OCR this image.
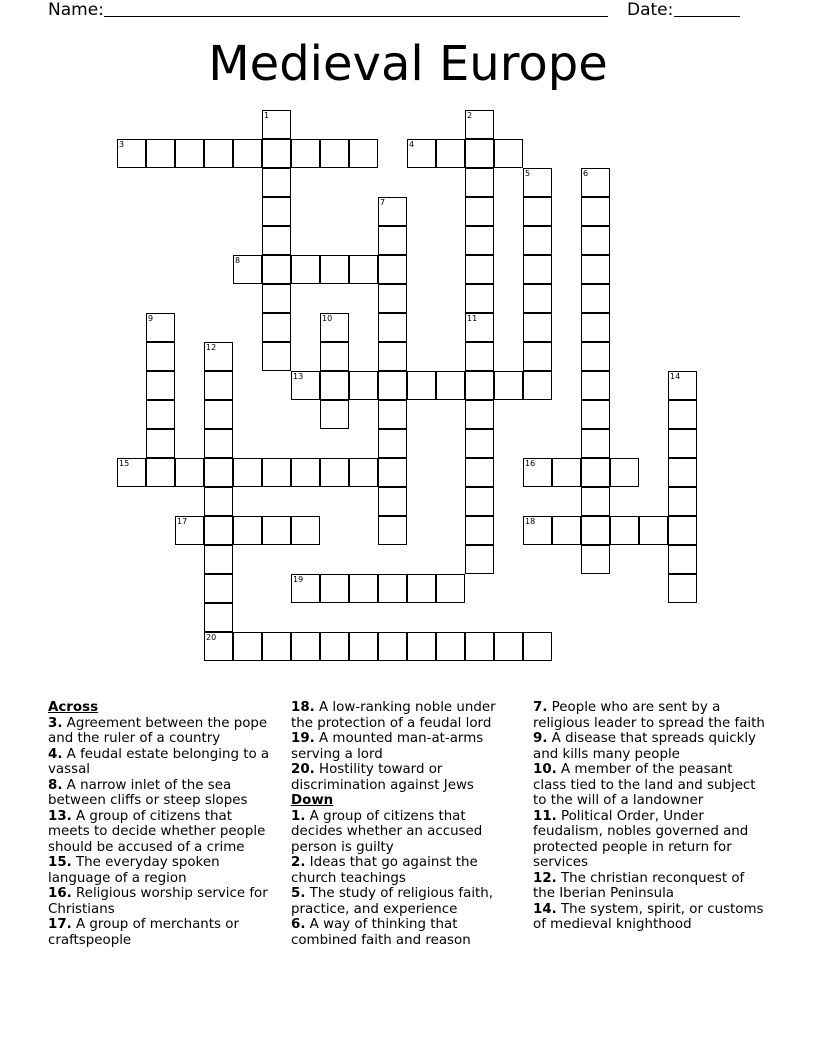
Name:	Date:
Medieval Europe
1	2
3	4
5	6
7
8
9	10	11
12
20
13	14
15	16
17	18
19
Across
3. Agreement between the pope and the ruler of a country
4. A feudal estate belonging to a vassal
8. A narrow inlet of the sea between cliffs or steep slopes
13. A group of citizens that meets to decide whether people should be accused of a crime
15. The everyday spoken language of a region
16. Religious worship service for Christians
17. A group of merchants or craftspeople
18. A low-ranking noble under the protection of a feudal lord
19. A mounted man-at-arms serving a lord
20. Hostility toward or discrimination against Jews
Down
1. A group of citizens that decides whether an accused person is guilty
2. Ideas that go against the church teachings
5. The study of religious faith, practice, and experience
6. A way of thinking that combined faith and reason
7. People who are sent by a religious leader to spread the faith
9. A disease that spreads quickly and kills many people
10. A member of the peasant class tied to the land and subject to the will of a landowner
11. Political Order, Under feudalism, nobles governed and protected people in return for services
12. The christian reconquest of the Iberian Peninsula
14. The system, spirit, or customs of medieval knighthood
